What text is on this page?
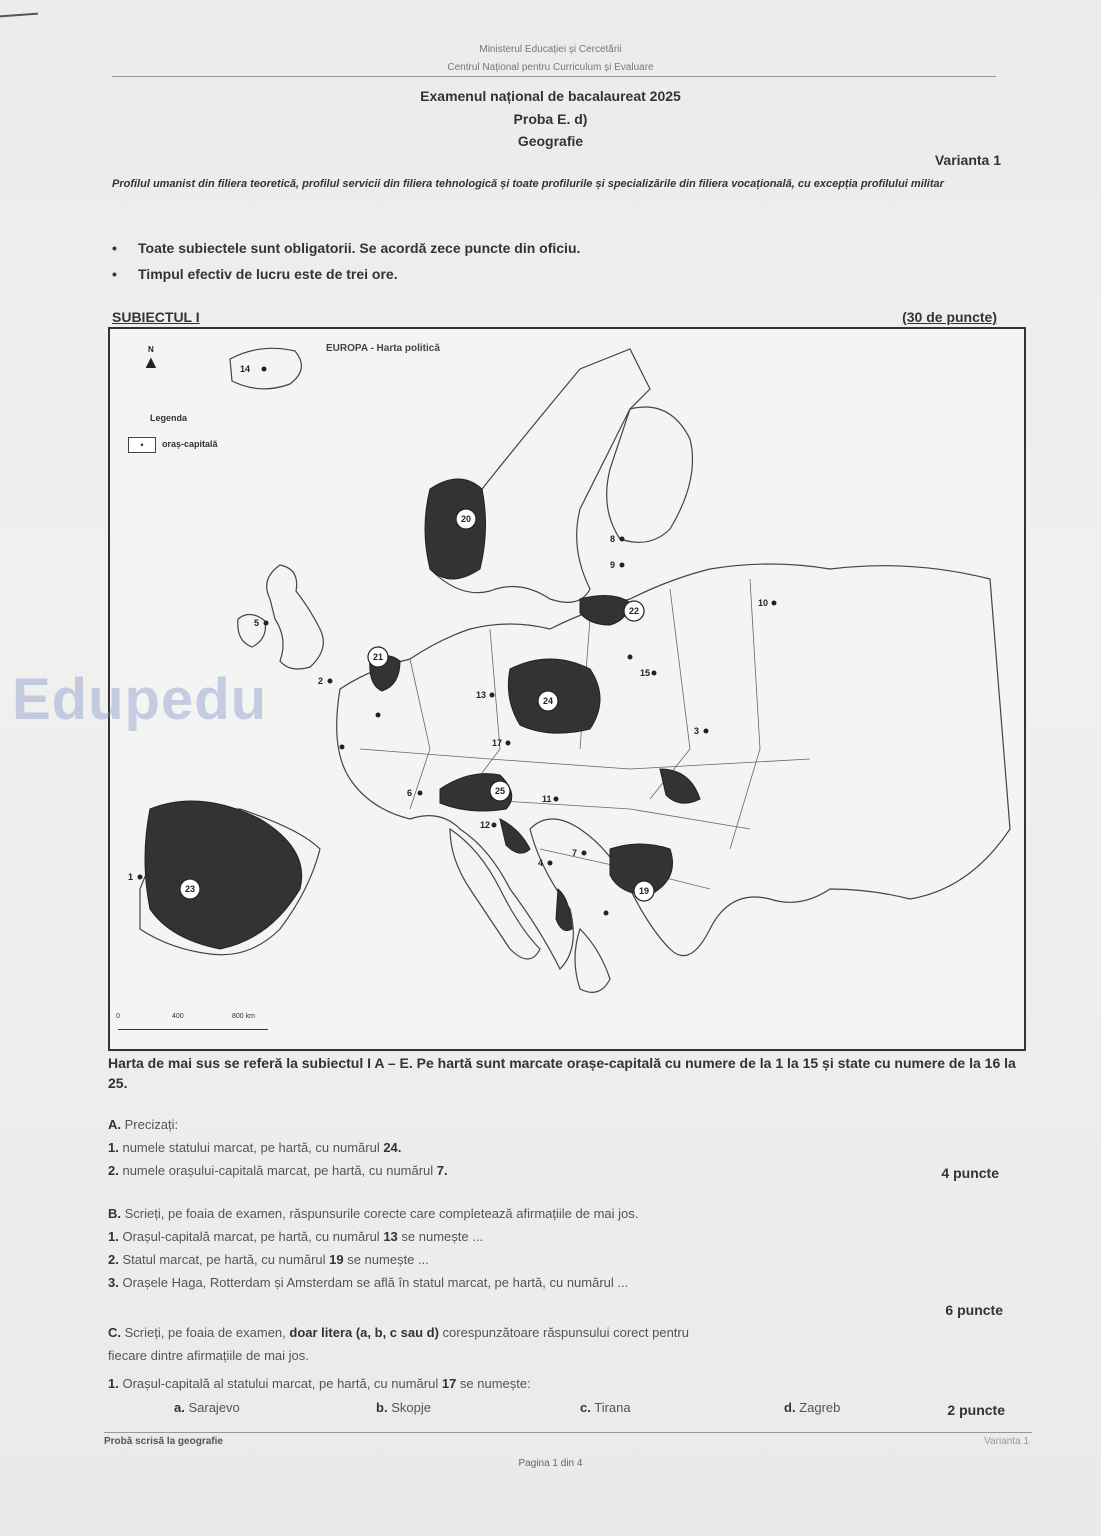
Ministerul Educației și Cercetării
Centrul Național pentru Curriculum și Evaluare
Examenul național de bacalaureat 2025
Proba E. d)
Geografie
Varianta 1
Profilul umanist din filiera teoretică, profilul servicii din filiera tehnologică și toate profilurile și specializările din filiera vocațională, cu excepția profilului militar
• Toate subiectele sunt obligatorii. Se acordă zece puncte din oficiu.
• Timpul efectiv de lucru este de trei ore.
SUBIECTUL I	(30 de puncte)
20
22
21
24
25
19
23
1
2
3
4
5
6
7
8
9
10
11
12
13
14
15
17
EUROPA - Harta politică
N
▲
Legenda
•	oraș-capitală
0	400	800 km
Edupedu
Harta de mai sus se referă la subiectul I A – E. Pe hartă sunt marcate orașe-capitală cu numere de la 1 la 15 și state cu numere de la 16 la 25.
A. Precizați:
1. numele statului marcat, pe hartă, cu numărul 24.
2. numele orașului-capitală marcat, pe hartă, cu numărul 7.	4 puncte
B. Scrieți, pe foaia de examen, răspunsurile corecte care completează afirmațiile de mai jos.
1. Orașul-capitală marcat, pe hartă, cu numărul 13 se numește ...
2. Statul marcat, pe hartă, cu numărul 19 se numește ...
3. Orașele Haga, Rotterdam și Amsterdam se află în statul marcat, pe hartă, cu numărul ...
6 puncte
C. Scrieți, pe foaia de examen, doar litera (a, b, c sau d) corespunzătoare răspunsului corect pentru
fiecare dintre afirmațiile de mai jos.
1. Orașul-capitală al statului marcat, pe hartă, cu numărul 17 se numește:
a. Sarajevo	b. Skopje	c. Tirana	d. Zagreb	2 puncte
Probă scrisă la geografie	Varianta 1
Pagina 1 din 4
